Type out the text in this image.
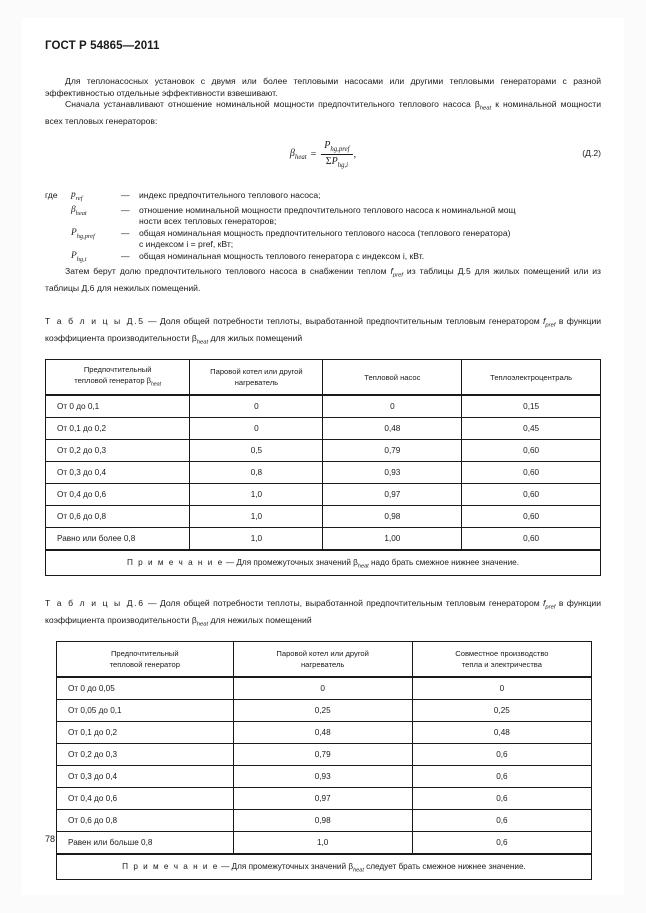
ГОСТ Р 54865—2011

Для теплонасосных установок с двумя или более тепловыми насосами или другими тепловыми генераторами с разной эффективностью отдельные эффективности взвешивают.

Сначала устанавливают отношение номинальной мощности предпочтительного теплового насоса $\beta_{heat}$ к номинальной мощности всех тепловых генераторов:

$\beta_{heat} = \frac{P_{hg,pref}}{\Sigma P_{hg,i}}$ ,	(Д.2)
где	$p_{ref}$	—	индекс предпочтительного теплового насоса;
$\beta_{heat}$	—	отношение номинальной мощности предпочтительного теплового насоса к номинальной мощ
ности всех тепловых генераторов;
$P_{hg,pref}$	—	общая номинальная мощность предпочтительного теплового насоса (теплового генератора)
с индексом i = pref, кВт;
$P_{hg,i}$	—	общая номинальная мощность теплового генератора с индексом i, кВт.

Затем берут долю предпочтительного теплового насоса в снабжении теплом $f_{pref}$ из таблицы Д.5 для жилых помещений или из таблицы Д.6 для нежилых помещений.

Т а б л и ц ы Д.5 — Доля общей потребности теплоты, выработанной предпочтительным тепловым генератором $f_{pref}$ в функции коэффициента производительности $\beta_{heat}$ для жилых помещений
Предпочтительный
тепловой генератор $\beta_{heat}$

Паровой котел или другой
нагреватель

Тепловой насос	Теплоэлектроцентраль

От 0 до 0,1	0	0	0,15
От 0,1 до 0,2	0	0,48	0,45
От 0,2 до 0,3	0,5	0,79	0,60
От 0,3 до 0,4	0,8	0,93	0,60
От 0,4 до 0,6	1,0	0,97	0,60
От 0,6 до 0,8	1,0	0,98	0,60
Равно или более 0,8	1,0	1,00	0,60
П р и м е ч а н и е — Для промежуточных значений $\beta_{heat}$ надо брать смежное нижнее значение.			
Т а б л и ц ы Д.6 — Доля общей потребности теплоты, выработанной предпочтительным тепловым генератором $f_{pref}$ в функции коэффициента производительности $\beta_{heat}$ для нежилых помещений
Предпочтительный
тепловой генератор

Паровой котел или другой
нагреватель

Совместное производство
тепла и электричества

От 0 до 0,05	0	0
От 0,05 до 0,1	0,25	0,25
От 0,1 до 0,2	0,48	0,48
От 0,2 до 0,3	0,79	0,6
От 0,3 до 0,4	0,93	0,6
От 0,4 до 0,6	0,97	0,6
От 0,6 до 0,8	0,98	0,6
Равен или больше 0,8	1,0	0,6
П р и м е ч а н и е — Для промежуточных значений $\beta_{heat}$ следует брать смежное нижнее значение.		
78
